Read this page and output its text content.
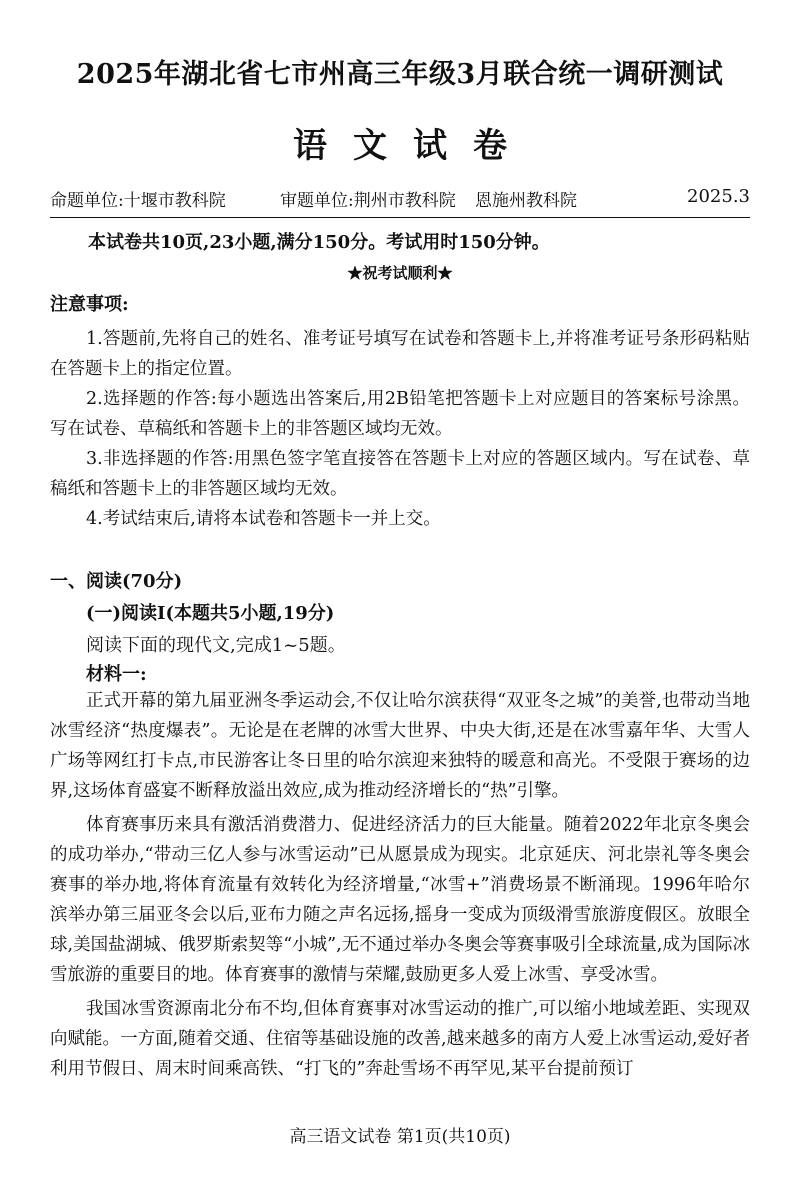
2025年湖北省七市州高三年级3月联合统一调研测试
语文试卷
命题单位:十堰市教科院	审题单位:荆州市教科院 恩施州教科院	2025.3
本试卷共10页,23小题,满分150分。考试用时150分钟。
★祝考试顺利★
注意事项:

1.答题前,先将自己的姓名、准考证号填写在试卷和答题卡上,并将准考证号条形码粘贴在答题卡上的指定位置。

2.选择题的作答:每小题选出答案后,用2B铅笔把答题卡上对应题目的答案标号涂黑。写在试卷、草稿纸和答题卡上的非答题区域均无效。

3.非选择题的作答:用黑色签字笔直接答在答题卡上对应的答题区域内。写在试卷、草稿纸和答题卡上的非答题区域均无效。

4.考试结束后,请将本试卷和答题卡一并上交。

一、阅读(70分)
(一)阅读Ⅰ(本题共5小题,19分)
阅读下面的现代文,完成1~5题。
材料一:

正式开幕的第九届亚洲冬季运动会,不仅让哈尔滨获得“双亚冬之城”的美誉,也带动当地冰雪经济“热度爆表”。无论是在老牌的冰雪大世界、中央大街,还是在冰雪嘉年华、大雪人广场等网红打卡点,市民游客让冬日里的哈尔滨迎来独特的暖意和高光。不受限于赛场的边界,这场体育盛宴不断释放溢出效应,成为推动经济增长的“热”引擎。

体育赛事历来具有激活消费潜力、促进经济活力的巨大能量。随着2022年北京冬奥会的成功举办,“带动三亿人参与冰雪运动”已从愿景成为现实。北京延庆、河北崇礼等冬奥会赛事的举办地,将体育流量有效转化为经济增量,“冰雪+”消费场景不断涌现。1996年哈尔滨举办第三届亚冬会以后,亚布力随之声名远扬,摇身一变成为顶级滑雪旅游度假区。放眼全球,美国盐湖城、俄罗斯索契等“小城”,无不通过举办冬奥会等赛事吸引全球流量,成为国际冰雪旅游的重要目的地。体育赛事的激情与荣耀,鼓励更多人爱上冰雪、享受冰雪。

我国冰雪资源南北分布不均,但体育赛事对冰雪运动的推广,可以缩小地域差距、实现双向赋能。一方面,随着交通、住宿等基础设施的改善,越来越多的南方人爱上冰雪运动,爱好者利用节假日、周末时间乘高铁、“打飞的”奔赴雪场不再罕见,某平台提前预订

高三语文试卷 第1页(共10页)
